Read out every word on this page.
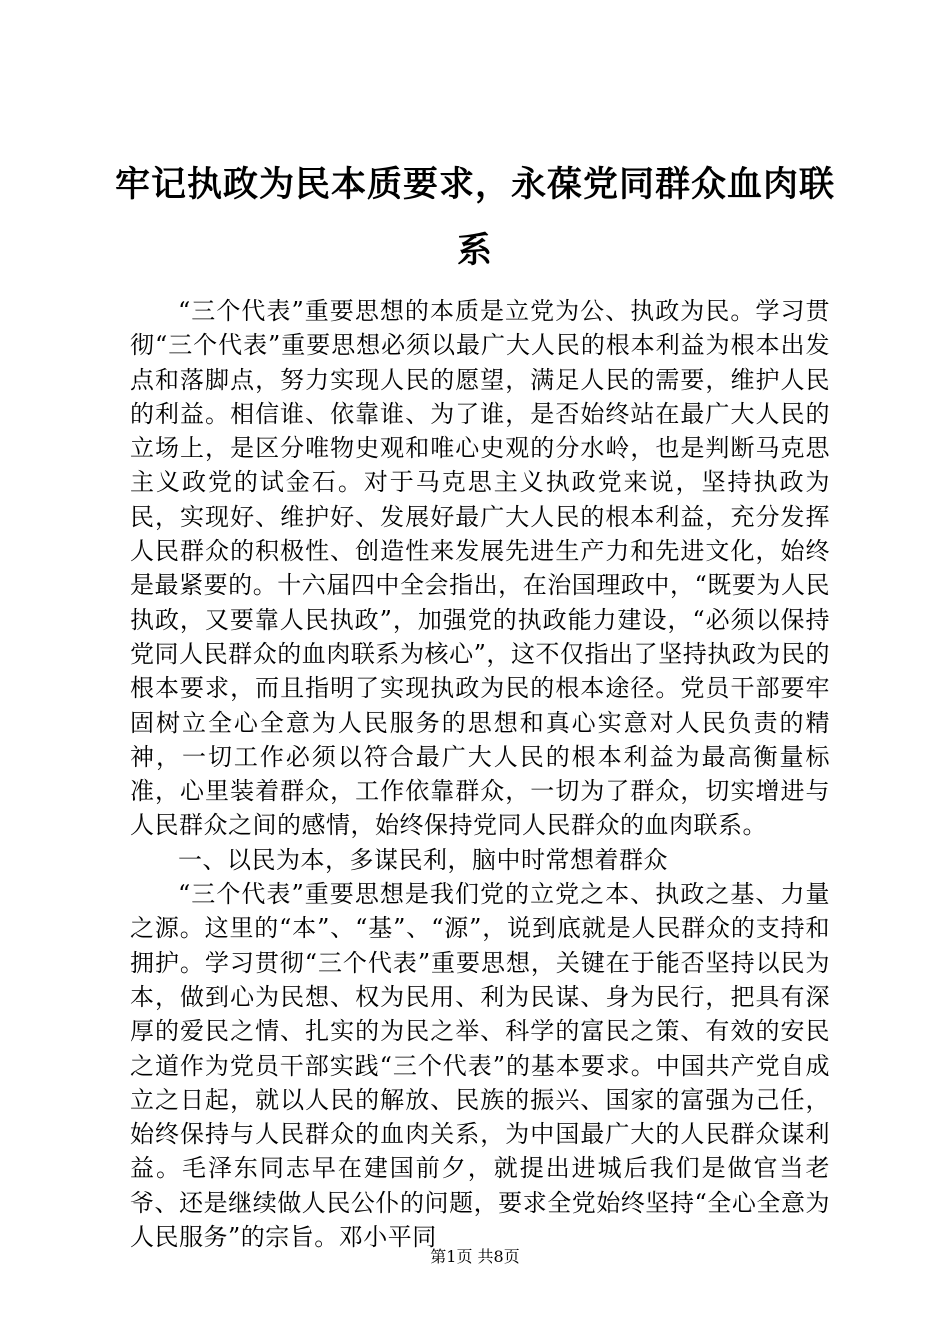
牢记执政为民本质要求，永葆党同群众血肉联系

“三个代表”重要思想的本质是立党为公、执政为民。学习贯彻“三个代表”重要思想必须以最广大人民的根本利益为根本出发点和落脚点，努力实现人民的愿望，满足人民的需要，维护人民的利益。相信谁、依靠谁、为了谁，是否始终站在最广大人民的立场上，是区分唯物史观和唯心史观的分水岭，也是判断马克思主义政党的试金石。对于马克思主义执政党来说，坚持执政为民，实现好、维护好、发展好最广大人民的根本利益，充分发挥人民群众的积极性、创造性来发展先进生产力和先进文化，始终是最紧要的。十六届四中全会指出，在治国理政中，“既要为人民执政，又要靠人民执政”，加强党的执政能力建设，“必须以保持党同人民群众的血肉联系为核心”，这不仅指出了坚持执政为民的根本要求，而且指明了实现执政为民的根本途径。党员干部要牢固树立全心全意为人民服务的思想和真心实意对人民负责的精神，一切工作必须以符合最广大人民的根本利益为最高衡量标准，心里装着群众，工作依靠群众，一切为了群众，切实增进与人民群众之间的感情，始终保持党同人民群众的血肉联系。

一、以民为本，多谋民利，脑中时常想着群众

“三个代表”重要思想是我们党的立党之本、执政之基、力量之源。这里的“本”、“基”、“源”，说到底就是人民群众的支持和拥护。学习贯彻“三个代表”重要思想，关键在于能否坚持以民为本，做到心为民想、权为民用、利为民谋、身为民行，把具有深厚的爱民之情、扎实的为民之举、科学的富民之策、有效的安民之道作为党员干部实践“三个代表”的基本要求。中国共产党自成立之日起，就以人民的解放、民族的振兴、国家的富强为己任，始终保持与人民群众的血肉关系，为中国最广大的人民群众谋利益。毛泽东同志早在建国前夕，就提出进城后我们是做官当老爷、还是继续做人民公仆的问题，要求全党始终坚持“全心全意为人民服务”的宗旨。邓小平同

第1页 共8页
